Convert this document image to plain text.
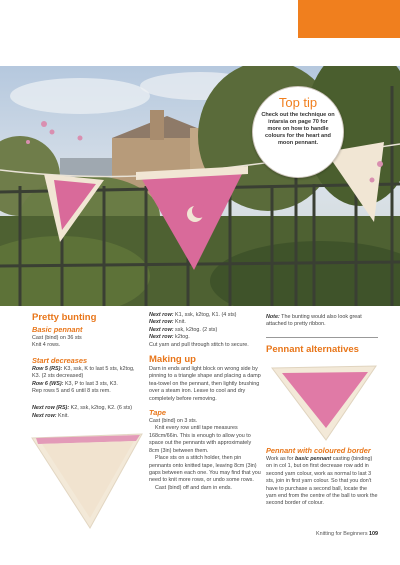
Top tip
Check out the technique on intarsia on page 70 for more on how to handle colours for the heart and moon pennant.
Pretty bunting
Basic pennant

Cast (bind) on 36 sts

Knit 4 rows.

Start decreases

Row 5 (RS): K3, ssk, K to last 5 sts, k2tog, K3. (2 sts decreased)

Row 6 (WS): K3, P to last 3 sts, K3.

Rep rows 5 and 6 until 8 sts rem.

Next row (RS): K2, ssk, k2tog, K2. (6 sts)

Next row: Knit.

Next row: K1, ssk, k2tog, K1. (4 sts)

Next row: Knit.

Next row: ssk, k2tog. (2 sts)

Next row: k2tog.

Cut yarn and pull through stitch to secure.

Making up

Darn in ends and light block on wrong side by pinning to a triangle shape and placing a damp tea-towel on the pennant, then lightly brushing over a steam iron. Leave to cool and dry completely before removing.

Tape

Cast (bind) on 3 sts.

Knit every row until tape measures 168cm/66in. This is enough to allow you to space out the pennants with approximately 8cm (3in) between them.

Place sts on a stitch holder, then pin pennants onto knitted tape, leaving 8cm (3in) gaps between each one. You may find that you need to knit more rows, or undo some rows.

Cast (bind) off and darn in ends.

Note: The bunting would also look great attached to pretty ribbon.

Pennant alternatives
Pennant with coloured border

Work as for basic pennant casting (binding) on in col 1, but on first decrease row add in second yarn colour, work as normal to last 3 sts, join in first yarn colour. So that you don't have to purchase a second ball, locate the yarn end from the centre of the ball to work the second border of colour.

Knitting for Beginners 109
